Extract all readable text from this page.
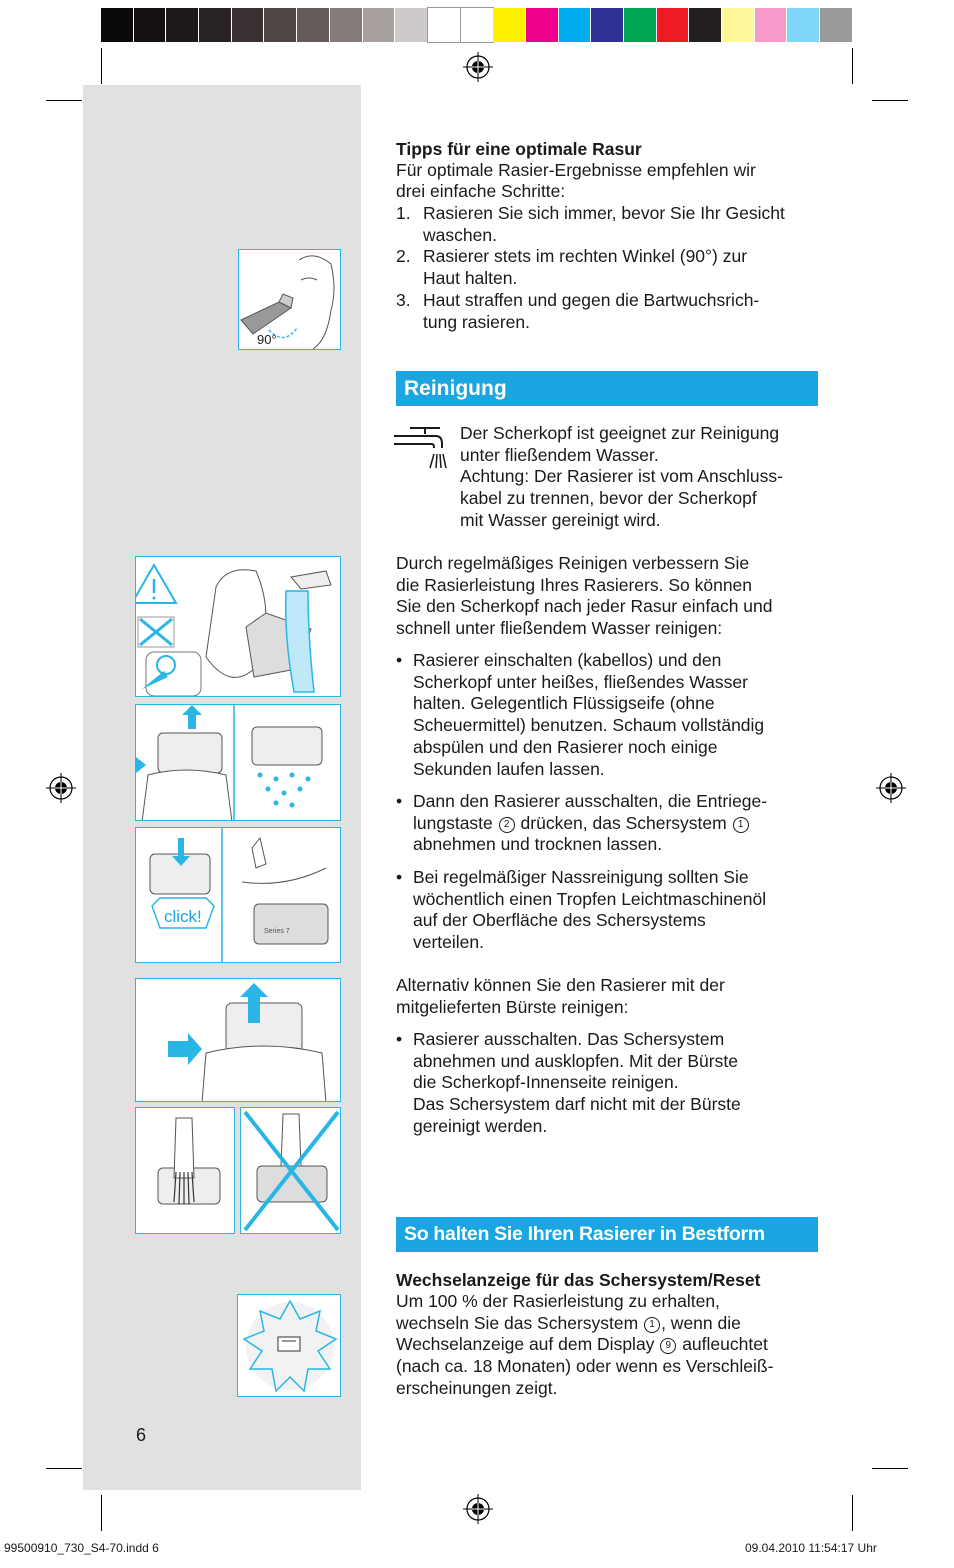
90°
click!
Series 7
Tipps für eine optimale Rasur
Für optimale Rasier-Ergebnisse empfehlen wir
drei einfache Schritte:
1. Rasieren Sie sich immer, bevor Sie Ihr Gesicht
waschen.
2. Rasierer stets im rechten Winkel (90°) zur
Haut halten.
3. Haut straffen und gegen die Bartwuchsrich-
tung rasieren.
Reinigung
Der Scherkopf ist geeignet zur Reinigung
unter fließendem Wasser.
Achtung: Der Rasierer ist vom Anschluss-
kabel zu trennen, bevor der Scherkopf
mit Wasser gereinigt wird.
Durch regelmäßiges Reinigen verbessern Sie
die Rasierleistung Ihres Rasierers. So können
Sie den Scherkopf nach jeder Rasur einfach und
schnell unter fließendem Wasser reinigen:
• Rasierer einschalten (kabellos) und den
Scherkopf unter heißes, fließendes Wasser
halten. Gelegentlich Flüssigseife (ohne
Scheuermittel) benutzen. Schaum vollständig
abspülen und den Rasierer noch einige
Sekunden laufen lassen.
• Dann den Rasierer ausschalten, die Entriege-
lungstaste 2 drücken, das Schersystem 1
abnehmen und trocknen lassen.
• Bei regelmäßiger Nassreinigung sollten Sie
wöchentlich einen Tropfen Leichtmaschinenöl
auf der Oberfläche des Schersystems
verteilen.
Alternativ können Sie den Rasierer mit der
mitgelieferten Bürste reinigen:
• Rasierer ausschalten. Das Schersystem
abnehmen und ausklopfen. Mit der Bürste
die Scherkopf-Innenseite reinigen.
Das Schersystem darf nicht mit der Bürste
gereinigt werden.
So halten Sie Ihren Rasierer in Bestform
Wechselanzeige für das Schersystem/Reset
Um 100 % der Rasierleistung zu erhalten,
wechseln Sie das Schersystem 1 , wenn die
Wechselanzeige auf dem Display 9 aufleuchtet
(nach ca. 18 Monaten) oder wenn es Verschleiß-
erscheinungen zeigt.
6
99500910_730_S4-70.indd 6	09.04.2010 11:54:17 Uhr
